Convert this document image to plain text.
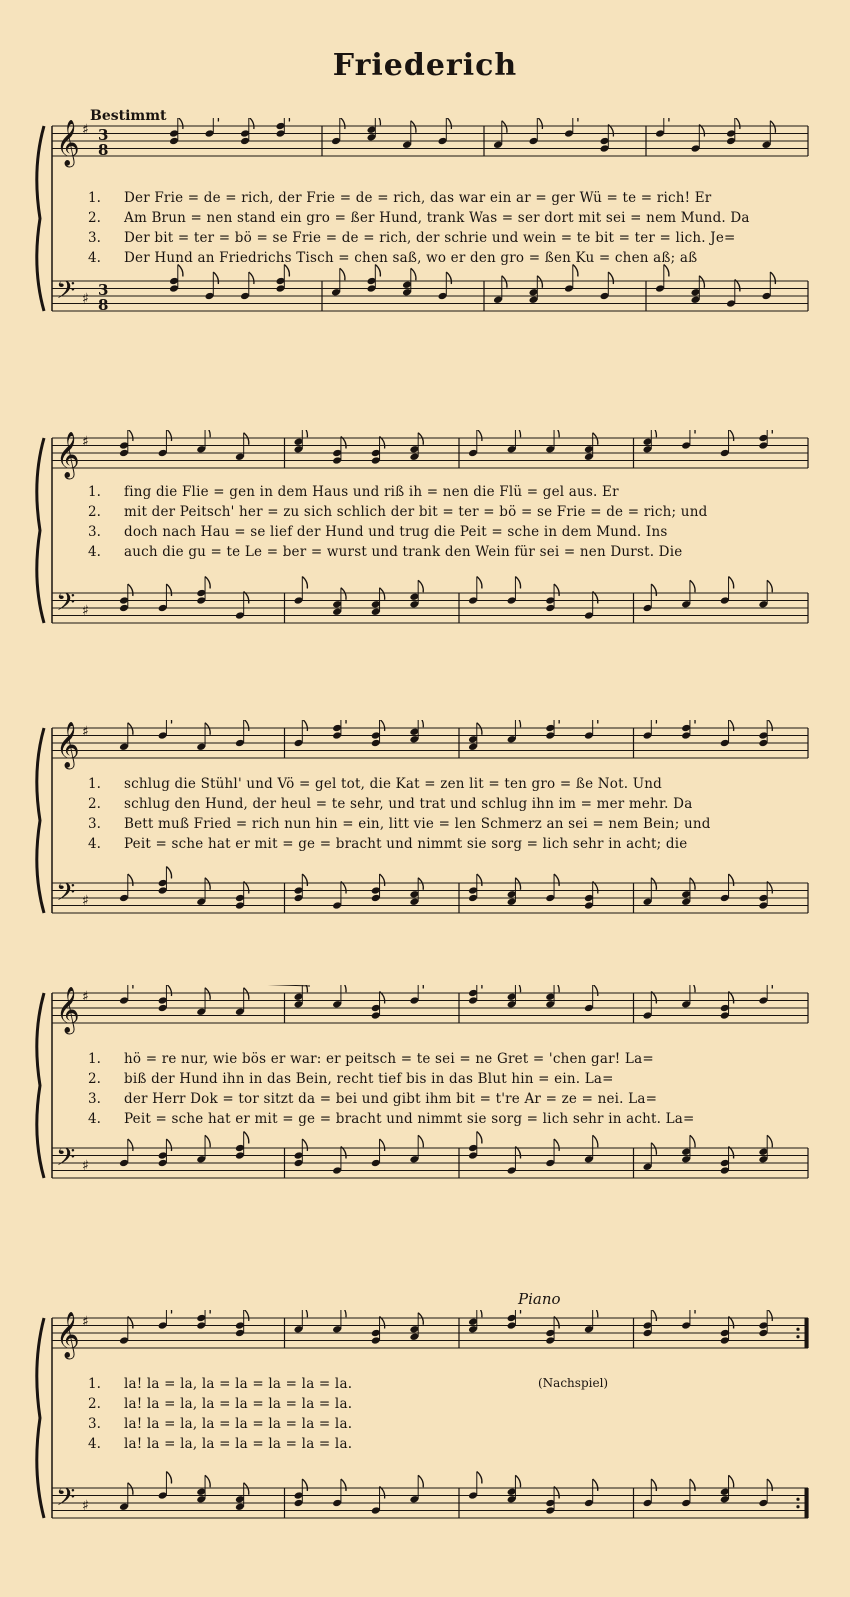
Friederich
Bestimmt
Piano
𝄞 ♯ 3
8
𝄢 ♯ 3
8
1.	Der Frie = de = rich, der Frie = de = rich, das war ein ar = ger Wü = te = rich! Er
2.	Am Brun = nen stand ein gro = ßer Hund, trank Was = ser dort mit sei = nem Mund. Da
3.	Der bit = ter = bö = se Frie = de = rich, der schrie und wein = te bit = ter = lich. Je=
4.	Der Hund an Friedrichs Tisch = chen saß, wo er den gro = ßen Ku = chen aß; aß
𝄞 ♯
𝄢 ♯
1.	fing die Flie = gen in dem Haus und riß ih = nen die Flü = gel aus. Er
2.	mit der Peitsch' her = zu sich schlich der bit = ter = bö = se Frie = de = rich; und
3.	doch nach Hau = se lief der Hund und trug die Peit = sche in dem Mund. Ins
4.	auch die gu = te Le = ber = wurst und trank den Wein für sei = nen Durst. Die
𝄞 ♯
𝄢 ♯
1.	schlug die Stühl' und Vö = gel tot, die Kat = zen lit = ten gro = ße Not. Und
2.	schlug den Hund, der heul = te sehr, und trat und schlug ihn im = mer mehr. Da
3.	Bett muß Fried = rich nun hin = ein, litt vie = len Schmerz an sei = nem Bein; und
4.	Peit = sche hat er mit = ge = bracht und nimmt sie sorg = lich sehr in acht; die
𝄞 ♯
𝄢 ♯
1.	hö = re nur, wie bös er war: er peitsch = te sei = ne Gret = 'chen gar! La=
2.	biß der Hund ihn in das Bein, recht tief bis in das Blut hin = ein. La=
3.	der Herr Dok = tor sitzt da = bei und gibt ihm bit = t're Ar = ze = nei. La=
4.	Peit = sche hat er mit = ge = bracht und nimmt sie sorg = lich sehr in acht. La=
𝄞 ♯
𝄢 ♯
1.	la! la = la, la = la = la = la = la.	(Nachspiel)
2.	la! la = la, la = la = la = la = la.
3.	la! la = la, la = la = la = la = la.
4.	la! la = la, la = la = la = la = la.
